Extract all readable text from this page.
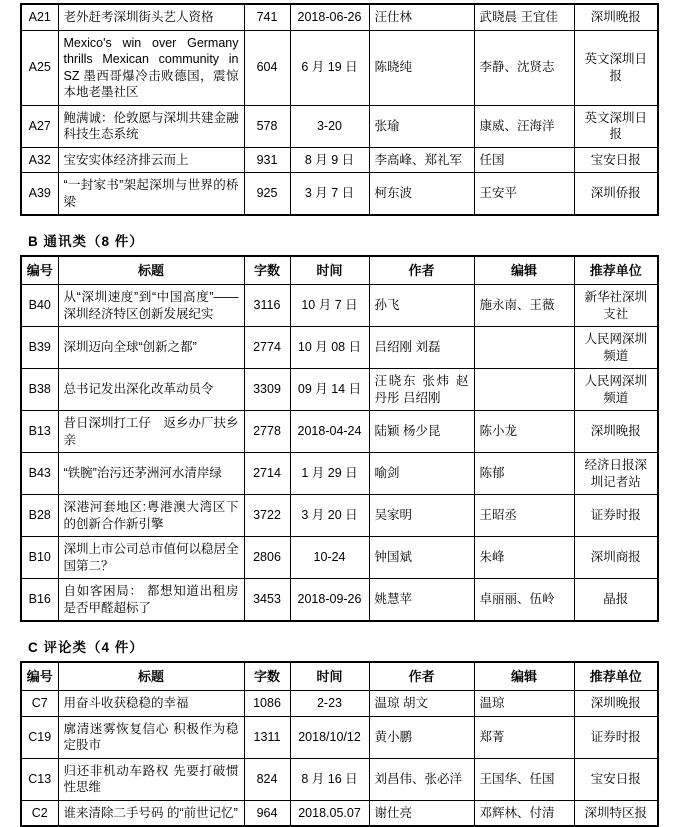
A21	老外赶考深圳街头艺人资格	741	2018-06-26	汪仕林	武晓晨 王宜佳	深圳晚报
A25	Mexico's win over Germany thrills Mexican community in SZ 墨西哥爆冷击败德国，震惊本地老墨社区	604	6 月 19 日	陈晓纯	李静、沈贤志	英文深圳日报
A27	鲍满诚：伦敦愿与深圳共建金融科技生态系统	578	3-20	张瑜	康威、汪海洋	英文深圳日报
A32	宝安实体经济排云而上	931	8 月 9 日	李高峰、郑礼军	任国	宝安日报
A39	“一封家书”架起深圳与世界的桥梁	925	3 月 7 日	柯东波	王安平	深圳侨报
B 通讯类（8 件）
编号	标题	字数	时间	作者	编辑	推荐单位
B40	从“深圳速度”到“中国高度”——深圳经济特区创新发展纪实	3116	10 月 7 日	孙飞	施永南、王薇	新华社深圳支社
B39	深圳迈向全球“创新之都”	2774	10 月 08 日	吕绍刚 刘磊		人民网深圳频道
B38	总书记发出深化改革动员令	3309	09 月 14 日	汪晓东 张炜 赵丹彤 吕绍刚		人民网深圳频道
B13	昔日深圳打工仔　返乡办厂扶乡亲	2778	2018-04-24	陆颖 杨少昆	陈小龙	深圳晚报
B43	“铁腕”治污还茅洲河水清岸绿	2714	1 月 29 日	喻剑	陈郁	经济日报深圳记者站
B28	深港河套地区:粤港澳大湾区下的创新合作新引擎	3722	3 月 20 日	吴家明	王昭丞	证券时报
B10	深圳上市公司总市值何以稳居全国第二？	2806	10-24	钟国斌	朱峰	深圳商报
B16	自如客困局： 都想知道出租房是否甲醛超标了	3453	2018-09-26	姚慧苹	卓丽丽、伍岭	晶报
C 评论类（4 件）
编号	标题	字数	时间	作者	编辑	推荐单位
C7	用奋斗收获稳稳的幸福	1086	2-23	温琼 胡文	温琼	深圳晚报
C19	廓清迷雾恢复信心 积极作为稳定股市	1311	2018/10/12	黄小鹏	郑菁	证券时报
C13	归还非机动车路权 先要打破惯性思维	824	8 月 16 日	刘昌伟、张必洋	王国华、任国	宝安日报
C2	谁来清除二手号码 的“前世记忆”	964	2018.05.07	谢仕亮	邓辉林、付清	深圳特区报
